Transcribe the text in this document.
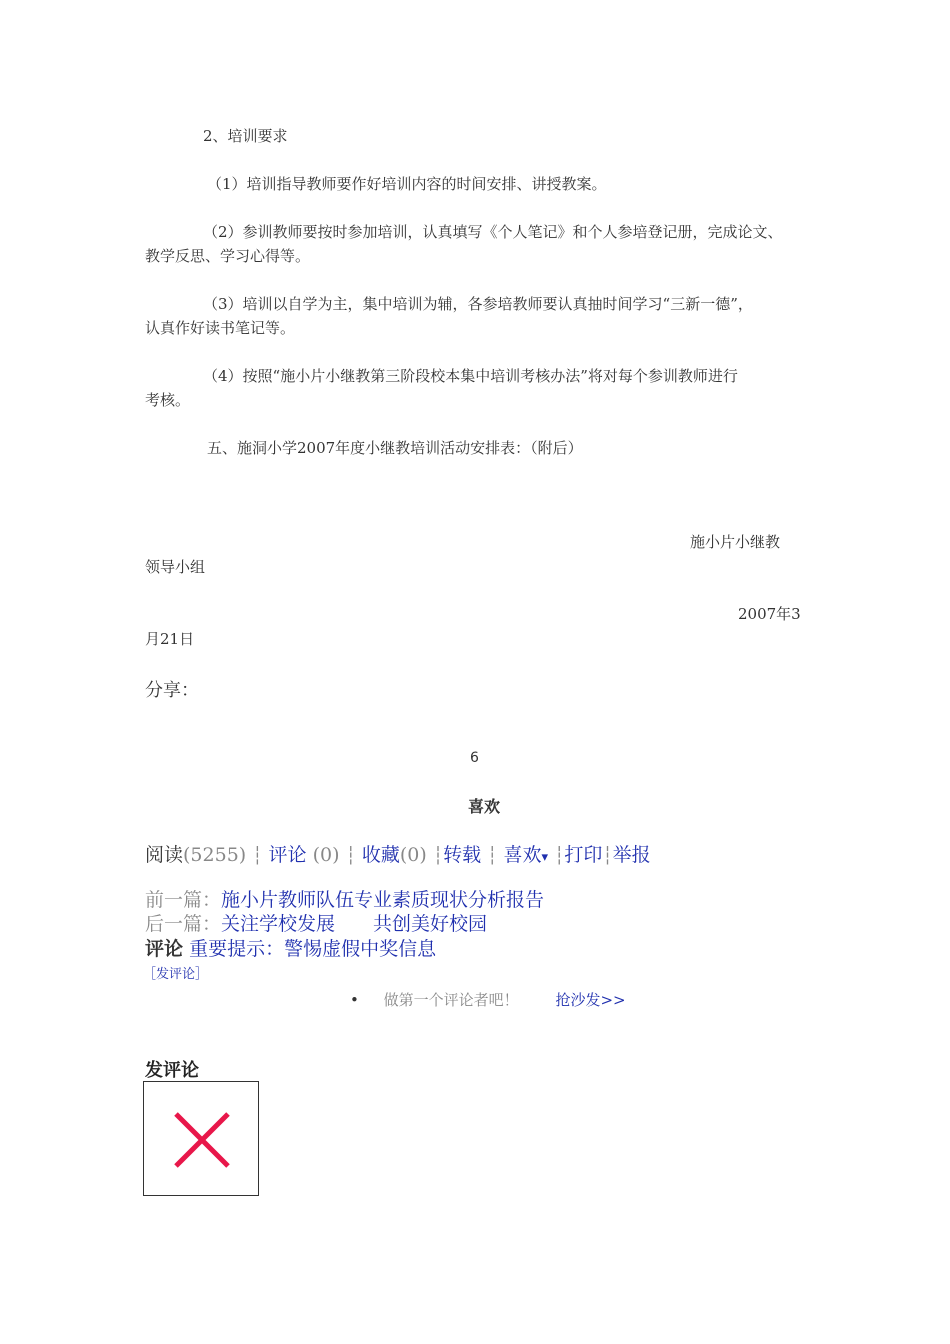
2、培训要求
（1）培训指导教师要作好培训内容的时间安排、讲授教案。
（2）参训教师要按时参加培训，认真填写《个人笔记》和个人参培登记册，完成论文、
教学反思、学习心得等。
（3）培训以自学为主，集中培训为辅，各参培教师要认真抽时间学习“三新一德”，
认真作好读书笔记等。
（4）按照“施小片小继教第三阶段校本集中培训考核办法”将对每个参训教师进行
考核。
五、施洞小学2007年度小继教培训活动安排表：（附后）
施小片小继教
领导小组
2007年3
月21日
分享：
6
喜欢
阅读(5255) ┆ 评论 (0) ┆ 收藏(0) ┆转载 ┆ 喜欢▾ ┆打印┆举报
前一篇：施小片教师队伍专业素质现状分析报告
后一篇：关注学校发展　　共创美好校园
评论 重要提示：警惕虚假中奖信息
［发评论］
• 做第一个评论者吧！ 抢沙发>>
发评论
